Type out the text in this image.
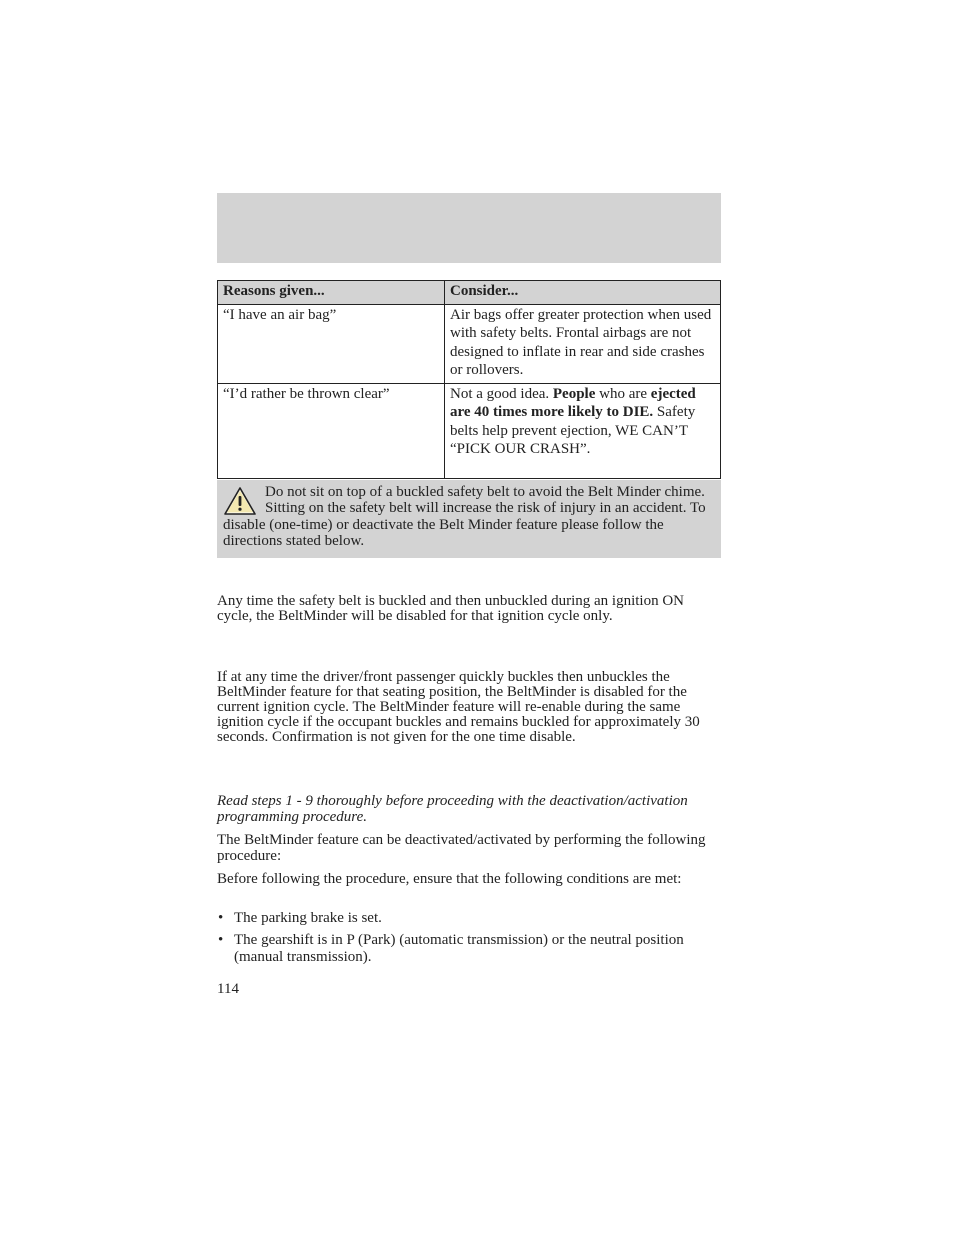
Reasons given...	Consider...
“I have an air bag”	Air bags offer greater protection when used with safety belts. Frontal airbags are not designed to inflate in rear and side crashes or rollovers.
“I’d rather be thrown clear”	Not a good idea. People who are ejected are 40 times more likely to DIE. Safety belts help prevent ejection, WE CAN’T “PICK OUR CRASH”.
Do not sit on top of a buckled safety belt to avoid the Belt Minder chime. Sitting on the safety belt will increase the risk of injury in an accident. To disable (one-time) or deactivate the Belt Minder feature please follow the directions stated below.

Any time the safety belt is buckled and then unbuckled during an ignition ON cycle, the BeltMinder will be disabled for that ignition cycle only.

If at any time the driver/front passenger quickly buckles then unbuckles the BeltMinder feature for that seating position, the BeltMinder is disabled for the current ignition cycle. The BeltMinder feature will re-enable during the same ignition cycle if the occupant buckles and remains buckled for approximately 30 seconds. Confirmation is not given for the one time disable.

Read steps 1 - 9 thoroughly before proceeding with the deactivation/activation programming procedure.

The BeltMinder feature can be deactivated/activated by performing the following procedure:

Before following the procedure, ensure that the following conditions are met:

• The parking brake is set.
• The gearshift is in P (Park) (automatic transmission) or the neutral position (manual transmission).
114
